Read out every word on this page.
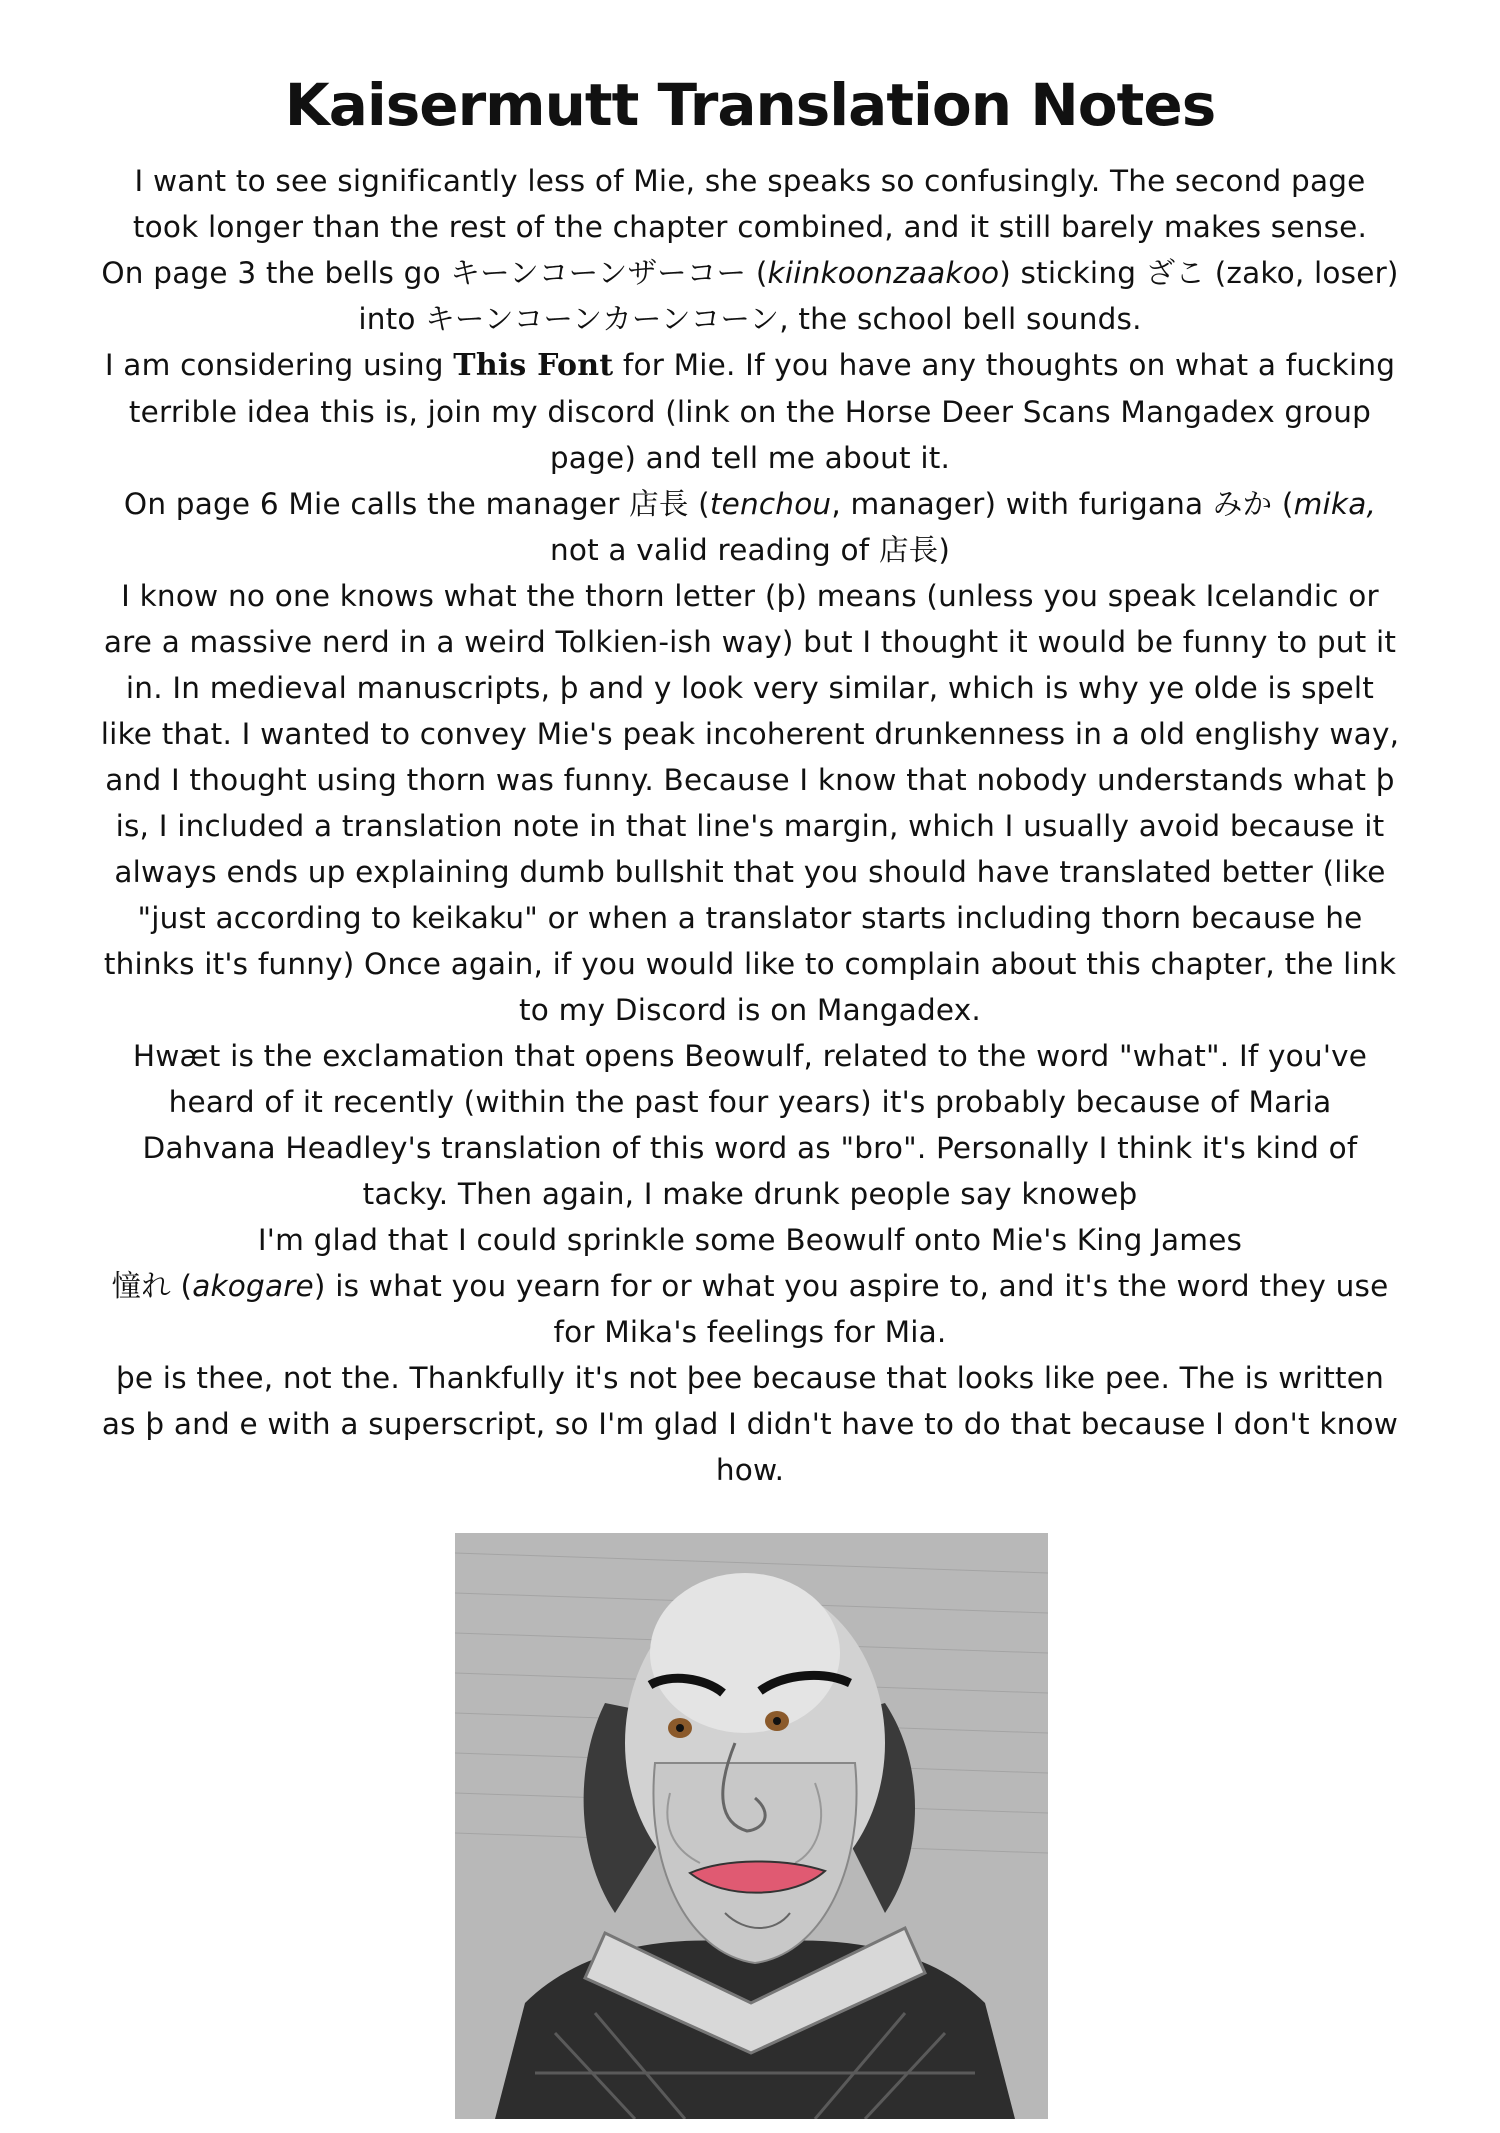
Kaisermutt Translation Notes

I want to see significantly less of Mie, she speaks so confusingly. The second page took longer than the rest of the chapter combined, and it still barely makes sense.

On page 3 the bells go キーンコーンザーコー (kiinkoonzaakoo) sticking ざこ (zako, loser) into キーンコーンカーンコーン, the school bell sounds.

I am considering using This Font for Mie. If you have any thoughts on what a fucking terrible idea this is, join my discord (link on the Horse Deer Scans Mangadex group page) and tell me about it.

On page 6 Mie calls the manager 店長 (tenchou, manager) with furigana みか (mika, not a valid reading of 店長)

I know no one knows what the thorn letter (þ) means (unless you speak Icelandic or are a massive nerd in a weird Tolkien-ish way) but I thought it would be funny to put it in. In medieval manuscripts, þ and y look very similar, which is why ye olde is spelt like that. I wanted to convey Mie's peak incoherent drunkenness in a old englishy way, and I thought using thorn was funny. Because I know that nobody understands what þ is, I included a translation note in that line's margin, which I usually avoid because it always ends up explaining dumb bullshit that you should have translated better (like "just according to keikaku" or when a translator starts including thorn because he thinks it's funny) Once again, if you would like to complain about this chapter, the link to my Discord is on Mangadex.

Hwæt is the exclamation that opens Beowulf, related to the word "what". If you've heard of it recently (within the past four years) it's probably because of Maria Dahvana Headley's translation of this word as "bro". Personally I think it's kind of tacky. Then again, I make drunk people say knoweþ

I'm glad that I could sprinkle some Beowulf onto Mie's King James

憧れ (akogare) is what you yearn for or what you aspire to, and it's the word they use for Mika's feelings for Mia.

þe is thee, not the. Thankfully it's not þee because that looks like pee. The is written as þ and e with a superscript, so I'm glad I didn't have to do that because I don't know how.
